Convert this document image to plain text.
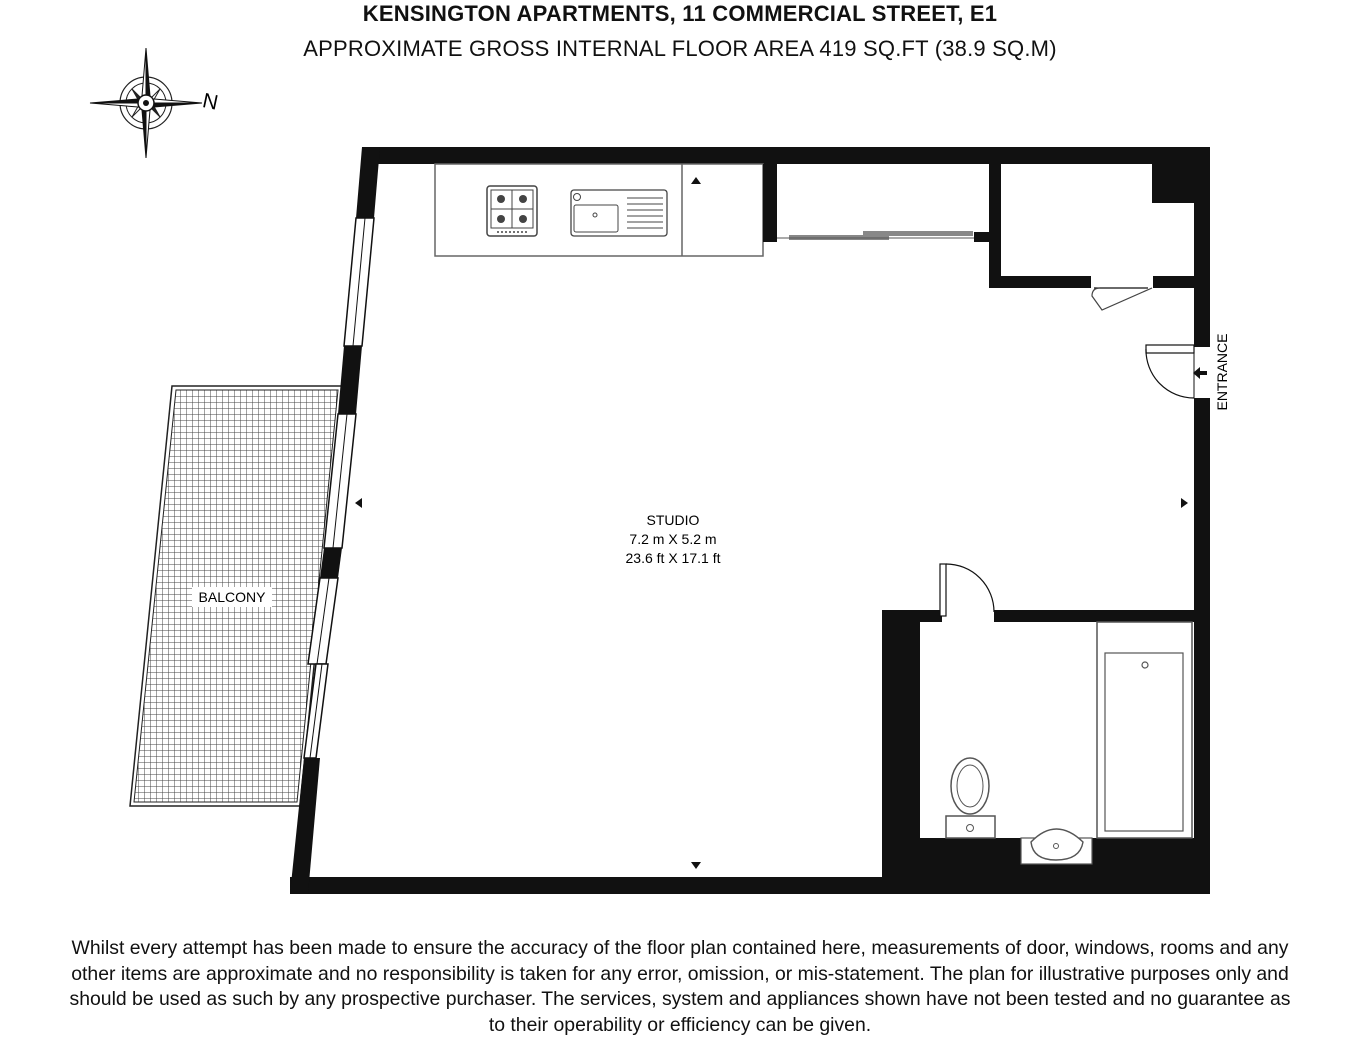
KENSINGTON APARTMENTS, 11 COMMERCIAL STREET, E1
APPROXIMATE GROSS INTERNAL FLOOR AREA 419 SQ.FT (38.9 SQ.M)
N
BALCONY
ENTRANCE
STUDIO
7.2 m X 5.2 m
23.6 ft X 17.1 ft
Whilst every attempt has been made to ensure the accuracy of the floor plan contained here, measurements of door, windows, rooms and any
other items are approximate and no responsibility is taken for any error, omission, or mis-statement. The plan for illustrative purposes only and
should be used as such by any prospective purchaser. The services, system and appliances shown have not been tested and no guarantee as
to their operability or efficiency can be given.
